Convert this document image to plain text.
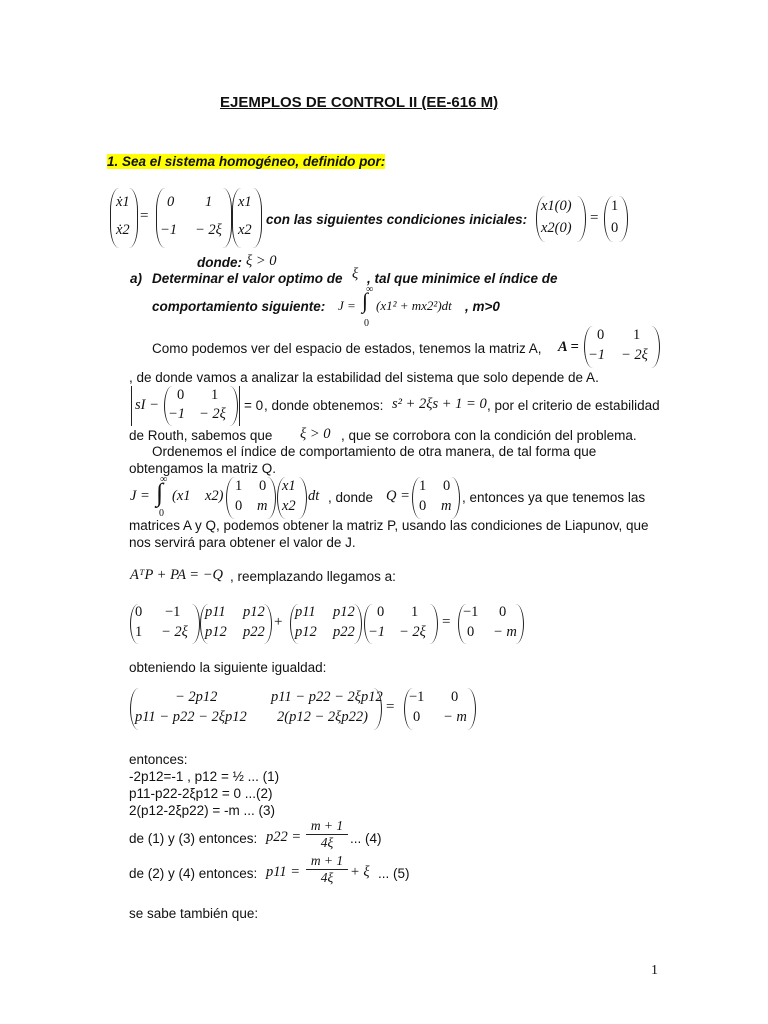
EJEMPLOS DE CONTROL II (EE-616 M)
1. Sea el sistema homogéneo, definido por:
ẋ1
ẋ2
=
0 1
−1 − 2ξ
x1
x2
con las siguientes condiciones iniciales:
x1(0)
x2(0)
=
1
0
donde: ξ > 0
a) Determinar el valor optimo de ξ , tal que minimice el índice de
comportamiento siguiente: J = ∫
∞
0
(x1² + mx2²)dt , m>0
Como podemos ver del espacio de estados, tenemos la matriz A, A =
0 1
−1 − 2ξ
, de donde vamos a analizar la estabilidad del sistema que solo depende de A.
sI −
0 1
−1 − 2ξ
= 0 , donde obtenemos: s² + 2ξs + 1 = 0 , por el criterio de estabilidad
de Routh, sabemos que ξ > 0 , que se corrobora con la condición del problema.
Ordenemos el índice de comportamiento de otra manera, de tal forma que
obtengamos la matriz Q.
J = ∫
∞
0
(x1 x2)
1 0
0 m
x1
x2
dt , donde Q =
1 0
0 m
, entonces ya que tenemos las
matrices A y Q, podemos obtener la matriz P, usando las condiciones de Liapunov, que
nos servirá para obtener el valor de J.
AᵀP + PA = −Q , reemplazando llegamos a:
0 −1
1 − 2ξ
p11 p12
p12 p22
+
p11 p12
p12 p22
0 1
−1 − 2ξ
=
−1 0
0 − m
obteniendo la siguiente igualdad:
− 2p12	p11 − p22 − 2ξp12
p11 − p22 − 2ξp12 2(p12 − 2ξp22)
=
−1 0
0 − m
entonces:
-2p12=-1 , p12 = ½ ... (1)
p11-p22-2ξp12 = 0 ...(2)
2(p12-2ξp22) = -m ... (3)
de (1) y (3) entonces: $p22 = \frac{m + 1}{4\xi}$ ... (4)
de (2) y (4) entonces: $p11 = \frac{m + 1}{4\xi} + \xi$ ... (5)
se sabe también que:
1
